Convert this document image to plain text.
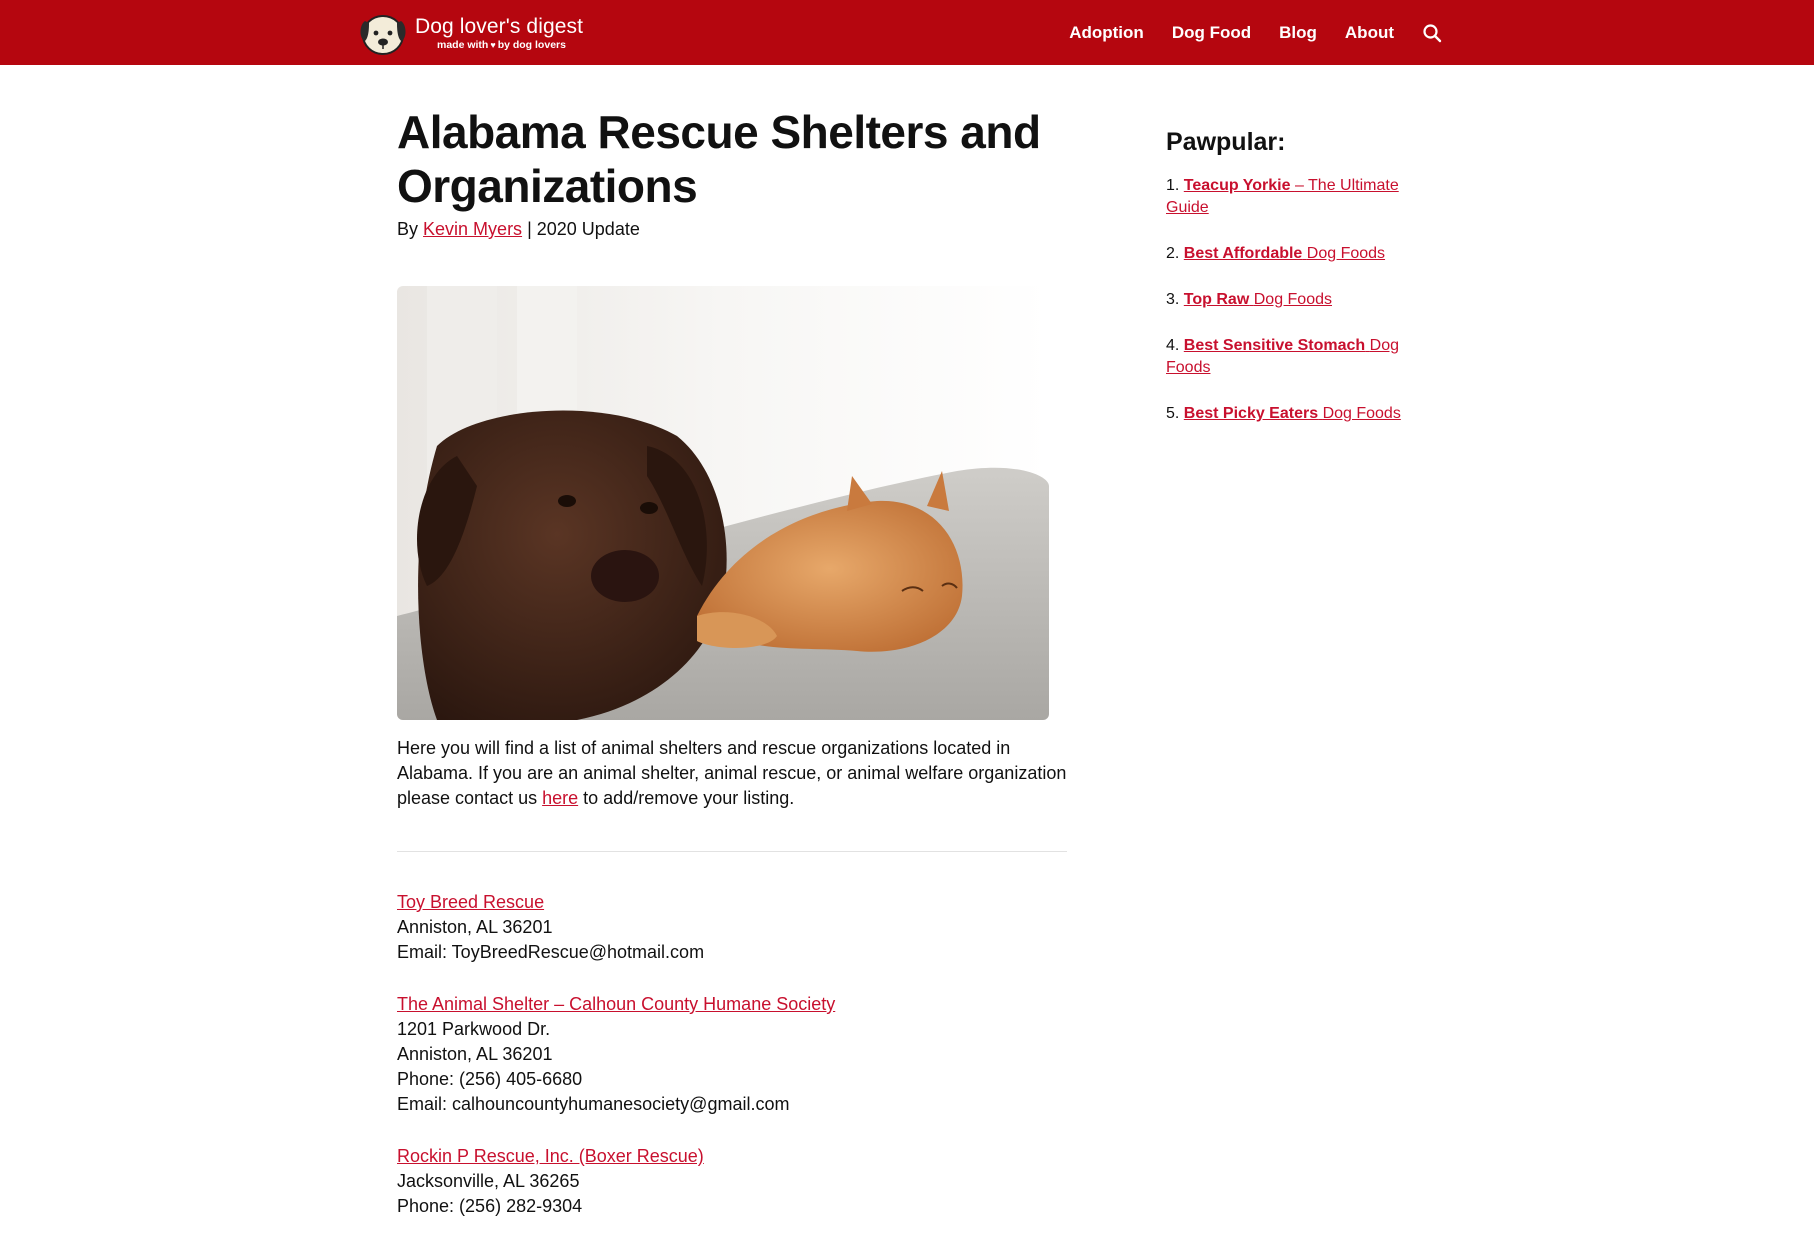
Dog lover's digest
made with ♥ by dog lovers
Adoption Dog Food Blog About
Alabama Rescue Shelters and Organizations
By Kevin Myers | 2020 Update

Here you will find a list of animal shelters and rescue organizations located in Alabama. If you are an animal shelter, animal rescue, or animal welfare organization please contact us here to add/remove your listing.

Toy Breed Rescue
Anniston, AL 36201
Email: ToyBreedRescue@hotmail.com
The Animal Shelter – Calhoun County Humane Society
1201 Parkwood Dr.
Anniston, AL 36201
Phone: (256) 405-6680
Email: calhouncountyhumanesociety@gmail.com
Rockin P Rescue, Inc. (Boxer Rescue)
Jacksonville, AL 36265
Phone: (256) 282-9304
Pawpular:
1. Teacup Yorkie – The Ultimate Guide
2. Best Affordable Dog Foods
3. Top Raw Dog Foods
4. Best Sensitive Stomach Dog Foods
5. Best Picky Eaters Dog Foods
